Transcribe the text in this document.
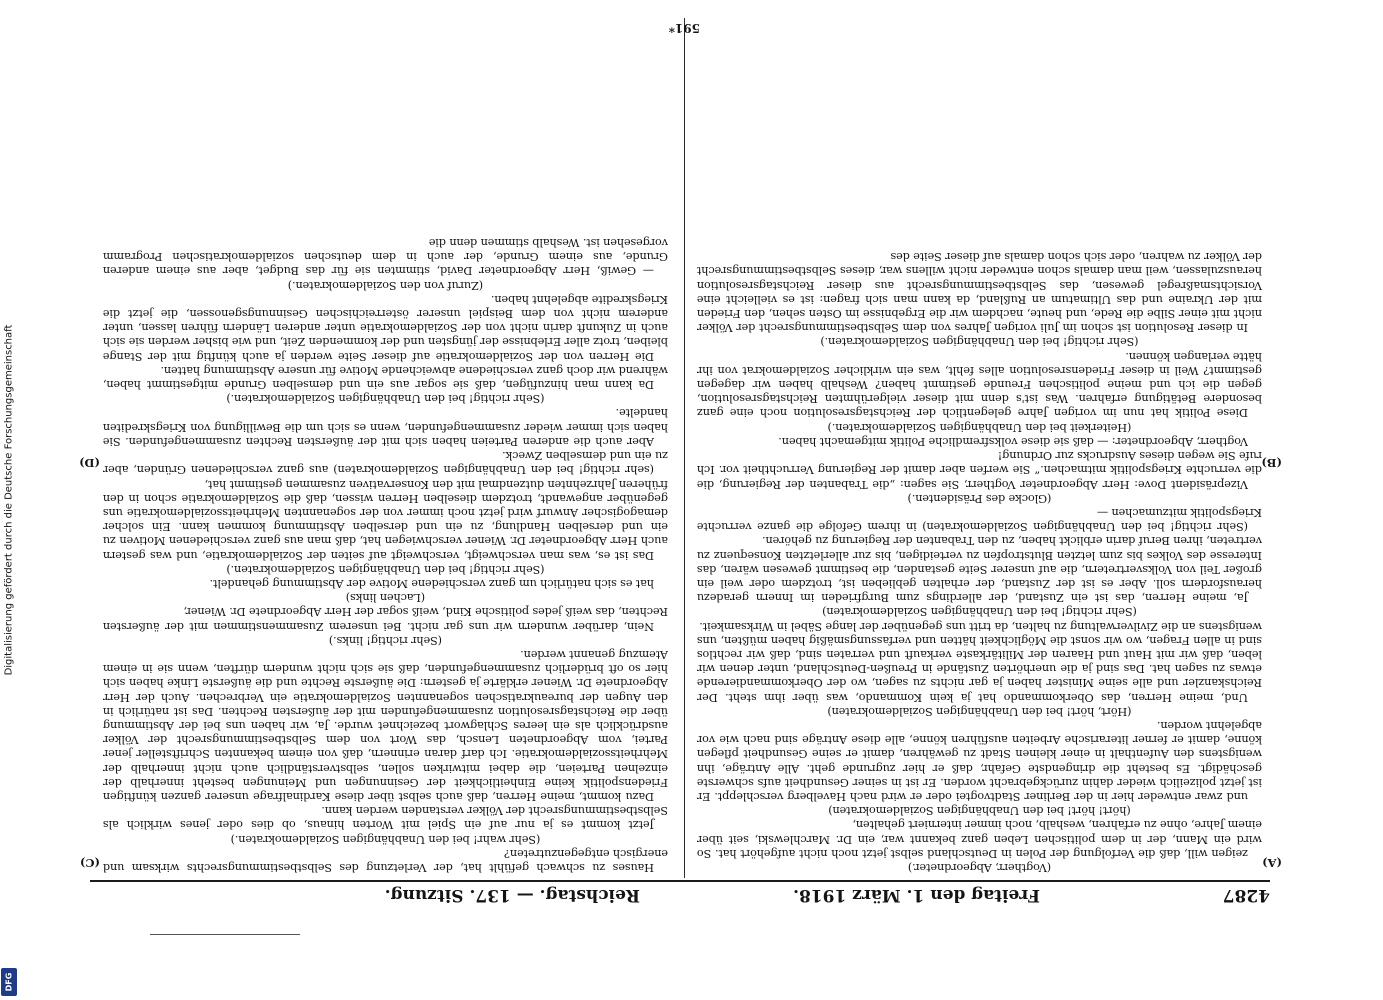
4287
Freitag den 1. März 1918.
Reichstag. — 137. Sitzung.

(Vogtherr, Abgeordneter.)

zeigen will, daß die Verfolgung der Polen in Deutschland selbst jetzt noch nicht aufgehört hat. So wird ein Mann, der in dem politischen Leben ganz bekannt war, ein Dr. Marchlewski, seit über einem Jahre, ohne zu erfahren, weshalb, noch immer interniert gehalten,

(hört! hört! bei den Unabhängigen Sozialdemokraten)

und zwar entweder hier in der Berliner Stadtvogtei oder er wird nach Havelberg verschleppt. Er ist jetzt polizeilich wieder dahin zurückgebracht worden. Er ist in seiner Gesundheit aufs schwerste geschädigt. Es besteht die dringendste Gefahr, daß er hier zugrunde geht. Alle Anträge, ihn wenigstens den Aufenthalt in einer kleinen Stadt zu gewähren, damit er seine Gesundheit pflegen könne, damit er ferner literarische Arbeiten ausführen könne, alle diese Anträge sind nach wie vor abgelehnt worden.

(Hört, hört! bei den Unabhängigen Sozialdemokraten)

Und, meine Herren, das Oberkommando hat ja kein Kommando, was über ihm steht. Der Reichskanzler und alle seine Minister haben ja gar nichts zu sagen, wo der Oberkommandierende etwas zu sagen hat. Das sind ja die unerhörten Zustände in Preußen-Deutschland, unter denen wir leben, daß wir mit Haut und Haaren der Militärkaste verkauft und verraten sind, daß wir rechtlos sind in allen Fragen, wo wir sonst die Möglichkeit hätten und verfassungsmäßig haben müßten, uns wenigstens an die Zivilverwaltung zu halten, da tritt uns gegenüber der lange Säbel in Wirksamkeit.

(Sehr richtig! bei den Unabhängigen Sozialdemokraten)

Ja, meine Herren, das ist ein Zustand, der allerdings zum Burgfrieden im Innern geradezu herausfordern soll. Aber es ist der Zustand, der erhalten geblieben ist, trotzdem oder weil ein großer Teil von Volksvertretern, die auf unserer Seite gestanden, die bestimmt gewesen wären, das Interesse des Volkes bis zum letzten Blutstropfen zu verteidigen, bis zur allerletzten Konsequenz zu vertreten, ihren Beruf darin erblickt haben, zu den Trabanten der Regierung zu gehören.

(Sehr richtig! bei den Unabhängigen Sozialdemokraten) in ihrem Gefolge die ganze verruchte Kriegspolitik mitzumachen —

(Glocke des Präsidenten.)

Vizepräsident Dove: Herr Abgeordneter Vogtherr, Sie sagen: „die Trabanten der Regierung, die die verruchte Kriegspolitik mitmachen.“ Sie werfen aber damit der Regierung Verruchtheit vor. Ich rufe Sie wegen dieses Ausdrucks zur Ordnung!

Vogtherr, Abgeordneter: — daß sie diese volksfremdliche Politik mitgemacht haben.

(Heiterkeit bei den Unabhängigen Sozialdemokraten.)

Diese Politik hat nun im vorigen Jahre gelegentlich der Reichstagsresolution noch eine ganz besondere Betätigung erfahren. Was ist's denn mit dieser vielgerühmten Reichstagsresolution, gegen die ich und meine politischen Freunde gestimmt haben? Weshalb haben wir dagegen gestimmt? Weil in dieser Friedensresolution alles fehlt, was ein wirklicher Sozialdemokrat von ihr hätte verlangen können.

(Sehr richtig! bei den Unabhängigen Sozialdemokraten.)

In dieser Resolution ist schon im Juli vorigen Jahres von dem Selbstbestimmungsrecht der Völker nicht mit einer Silbe die Rede, und heute, nachdem wir die Ergebnisse im Osten sehen, den Frieden mit der Ukraine und das Ultimatum an Rußland, da kann man sich fragen: ist es vielleicht eine Vorsichtsmaßregel gewesen, das Selbstbestimmungsrecht aus dieser Reichstagsresolution herauszulassen, weil man damals schon entweder nicht willens war, dieses Selbstbestimmungsrecht der Völker zu wahren, oder sich schon damals auf dieser Seite des

Hauses zu schwach gefühlt hat, der Verletzung des Selbstbestimmungsrechts wirksam und energisch entgegenzutreten?

(Sehr wahr! bei den Unabhängigen Sozialdemokraten.)

Jetzt kommt es ja nur auf ein Spiel mit Worten hinaus, ob dies oder jenes wirklich als Selbstbestimmungsrecht der Völker verstanden werden kann.

Dazu kommt, meine Herren, daß auch selbst über diese Kardinalfrage unserer ganzen künftigen Friedenspolitik keine Einheitlichkeit der Gesinnungen und Meinungen besteht innerhalb der einzelnen Parteien, die dabei mitwirken sollen, selbstverständlich auch nicht innerhalb der Mehrheitssozialdemokratie. Ich darf daran erinnern, daß von einem bekannten Schriftsteller jener Partei, vom Abgeordneten Lensch, das Wort von dem Selbstbestimmungsrecht der Völker ausdrücklich als ein leeres Schlagwort bezeichnet wurde. Ja, wir haben uns bei der Abstimmung über die Reichstagsresolution zusammengefunden mit der äußersten Rechten. Das ist natürlich in den Augen der bureaukratischen sogenannten Sozialdemokratie ein Verbrechen. Auch der Herr Abgeordnete Dr. Wiener erklärte ja gestern: Die äußerste Rechte und die äußerste Linke haben sich hier so oft brüderlich zusammengefunden, daß sie sich nicht wundern dürften, wenn sie in einem Atemzug genannt werden.

(Sehr richtig! links.)

Nein, darüber wundern wir uns gar nicht. Bei unserem Zusammenstimmen mit der äußersten Rechten, das weiß jedes politische Kind, weiß sogar der Herr Abgeordnete Dr. Wiener,

(Lachen links)

hat es sich natürlich um ganz verschiedene Motive der Abstimmung gehandelt.

(Sehr richtig! bei den Unabhängigen Sozialdemokraten.)

Das ist es, was man verschweigt, verschweigt auf seiten der Sozialdemokratie, und was gestern auch Herr Abgeordneter Dr. Wiener verschwiegen hat, daß man aus ganz verschiedenen Motiven zu ein und derselben Handlung, zu ein und derselben Abstimmung kommen kann. Ein solcher demagogischer Anwurf wird jetzt noch immer von der sogenannten Mehrheitssozialdemokratie uns gegenüber angewandt, trotzdem dieselben Herren wissen, daß die Sozialdemokratie schon in den früheren Jahrzehnten dutzendmal mit den Konservativen zusammen gestimmt hat,

(sehr richtig! bei den Unabhängigen Sozialdemokraten) aus ganz verschiedenen Gründen, aber zu ein und demselben Zweck.

Aber auch die anderen Parteien haben sich mit der äußersten Rechten zusammengefunden. Sie haben sich immer wieder zusammengefunden, wenn es sich um die Bewilligung von Kriegskrediten handelte.

(Sehr richtig! bei den Unabhängigen Sozialdemokraten.)

Da kann man hinzufügen, daß sie sogar aus ein und demselben Grunde mitgestimmt haben, während wir doch ganz verschiedene abweichende Motive für unsere Abstimmung hatten.

Die Herren von der Sozialdemokratie auf dieser Seite werden ja auch künftig mit der Stange bleiben, trotz aller Erlebnisse der jüngsten und der kommenden Zeit, und wie bisher werden sie sich auch in Zukunft darin nicht von der Sozialdemokratie unter anderen Ländern führen lassen, unter anderem nicht von dem Beispiel unserer österreichischen Gesinnungsgenossen, die jetzt die Kriegskredite abgelehnt haben.

(Zuruf von den Sozialdemokraten.)

— Gewiß, Herr Abgeordneter David, stimmten sie für das Budget, aber aus einem anderen Grunde, aus einem Grunde, der auch in dem deutschen sozialdemokratischen Programm vorgesehen ist. Weshalb stimmen denn die

(A)
(B)
(C)
(D)
591*
Digitalisierung gefördert durch die Deutsche Forschungsgemeinschaft
DFG
